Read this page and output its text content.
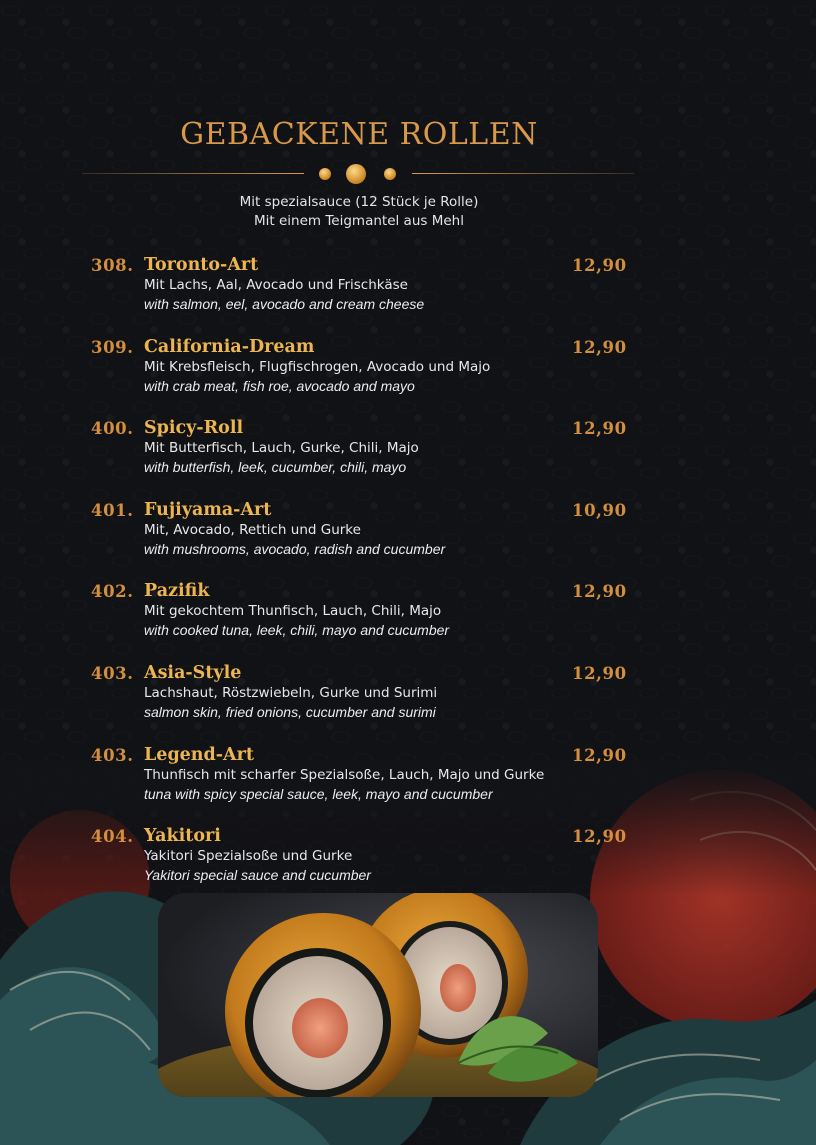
GEBACKENE ROLLEN
Mit spezialsauce (12 Stück je Rolle)
Mit einem Teigmantel aus Mehl
308. Toronto-Art	12,90
Mit Lachs, Aal, Avocado und Frischkäse
with salmon, eel, avocado and cream cheese
309. California-Dream	12,90
Mit Krebsfleisch, Flugfischrogen, Avocado und Majo
with crab meat, fish roe, avocado and mayo
400. Spicy-Roll	12,90
Mit Butterfisch, Lauch, Gurke, Chili, Majo
with butterfish, leek, cucumber, chili, mayo
401. Fujiyama-Art	10,90
Mit, Avocado, Rettich und Gurke
with mushrooms, avocado, radish and cucumber
402. Pazifik	12,90
Mit gekochtem Thunfisch, Lauch, Chili, Majo
with cooked tuna, leek, chili, mayo and cucumber
403. Asia-Style	12,90
Lachshaut, Röstzwiebeln, Gurke und Surimi
salmon skin, fried onions, cucumber and surimi
403. Legend-Art	12,90
Thunfisch mit scharfer Spezialsoße, Lauch, Majo und Gurke
tuna with spicy special sauce, leek, mayo and cucumber
404. Yakitori	12,90
Yakitori Spezialsoße und Gurke
Yakitori special sauce and cucumber
